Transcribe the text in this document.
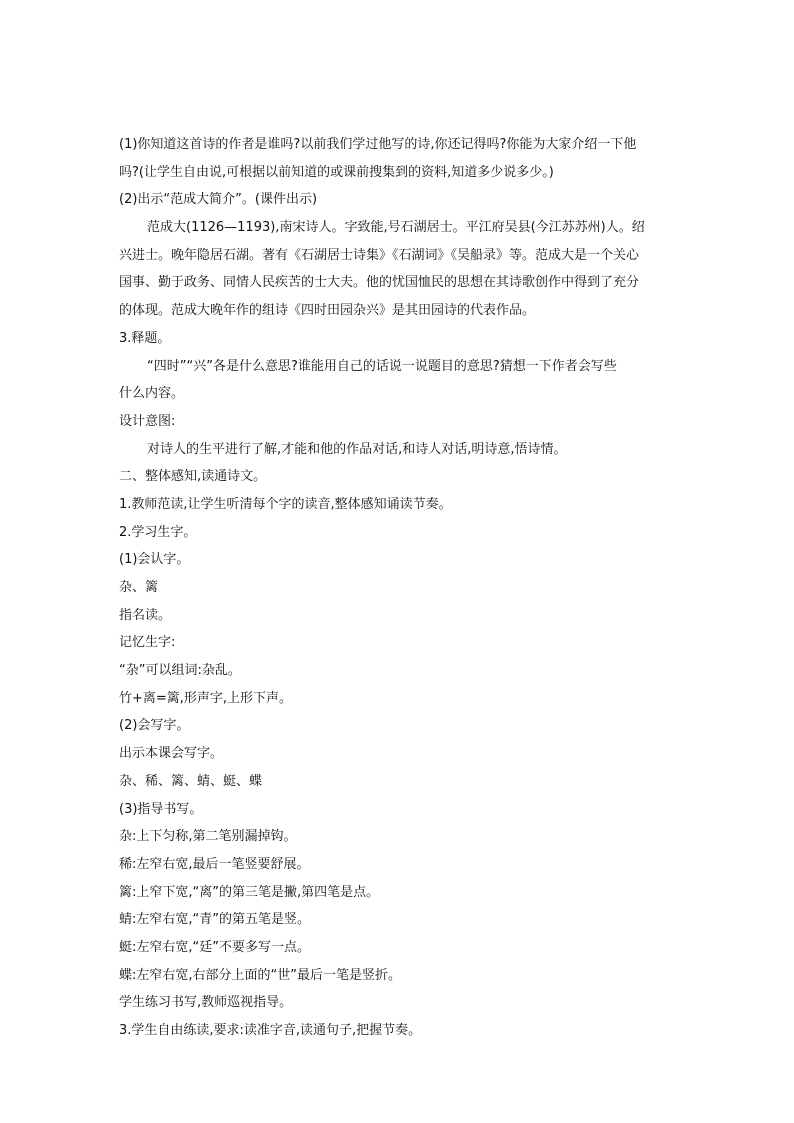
(1)你知道这首诗的作者是谁吗?以前我们学过他写的诗,你还记得吗?你能为大家介绍一下他
吗?(让学生自由说,可根据以前知道的或课前搜集到的资料,知道多少说多少。)
(2)出示“范成大简介”。(课件出示)
范成大(1126—1193),南宋诗人。字致能,号石湖居士。平江府吴县(今江苏苏州)人。绍
兴进士。晚年隐居石湖。著有《石湖居士诗集》《石湖词》《吴船录》等。范成大是一个关心
国事、勤于政务、同情人民疾苦的士大夫。他的忧国恤民的思想在其诗歌创作中得到了充分
的体现。范成大晚年作的组诗《四时田园杂兴》是其田园诗的代表作品。
3.释题。
“四时”“兴”各是什么意思?谁能用自己的话说一说题目的意思?猜想一下作者会写些
什么内容。
设计意图:
对诗人的生平进行了解,才能和他的作品对话,和诗人对话,明诗意,悟诗情。
二、整体感知,读通诗文。
1.教师范读,让学生听清每个字的读音,整体感知诵读节奏。
2.学习生字。
(1)会认字。
杂、篱
指名读。
记忆生字:
“杂”可以组词:杂乱。
竹+离=篱,形声字,上形下声。
(2)会写字。
出示本课会写字。
杂、稀、篱、蜻、蜓、蝶
(3)指导书写。
杂:上下匀称,第二笔别漏掉钩。
稀:左窄右宽,最后一笔竖要舒展。
篱:上窄下宽,“离”的第三笔是撇,第四笔是点。
蜻:左窄右宽,“青”的第五笔是竖。
蜓:左窄右宽,“廷”不要多写一点。
蝶:左窄右宽,右部分上面的“世”最后一笔是竖折。
学生练习书写,教师巡视指导。
3.学生自由练读,要求:读准字音,读通句子,把握节奏。
